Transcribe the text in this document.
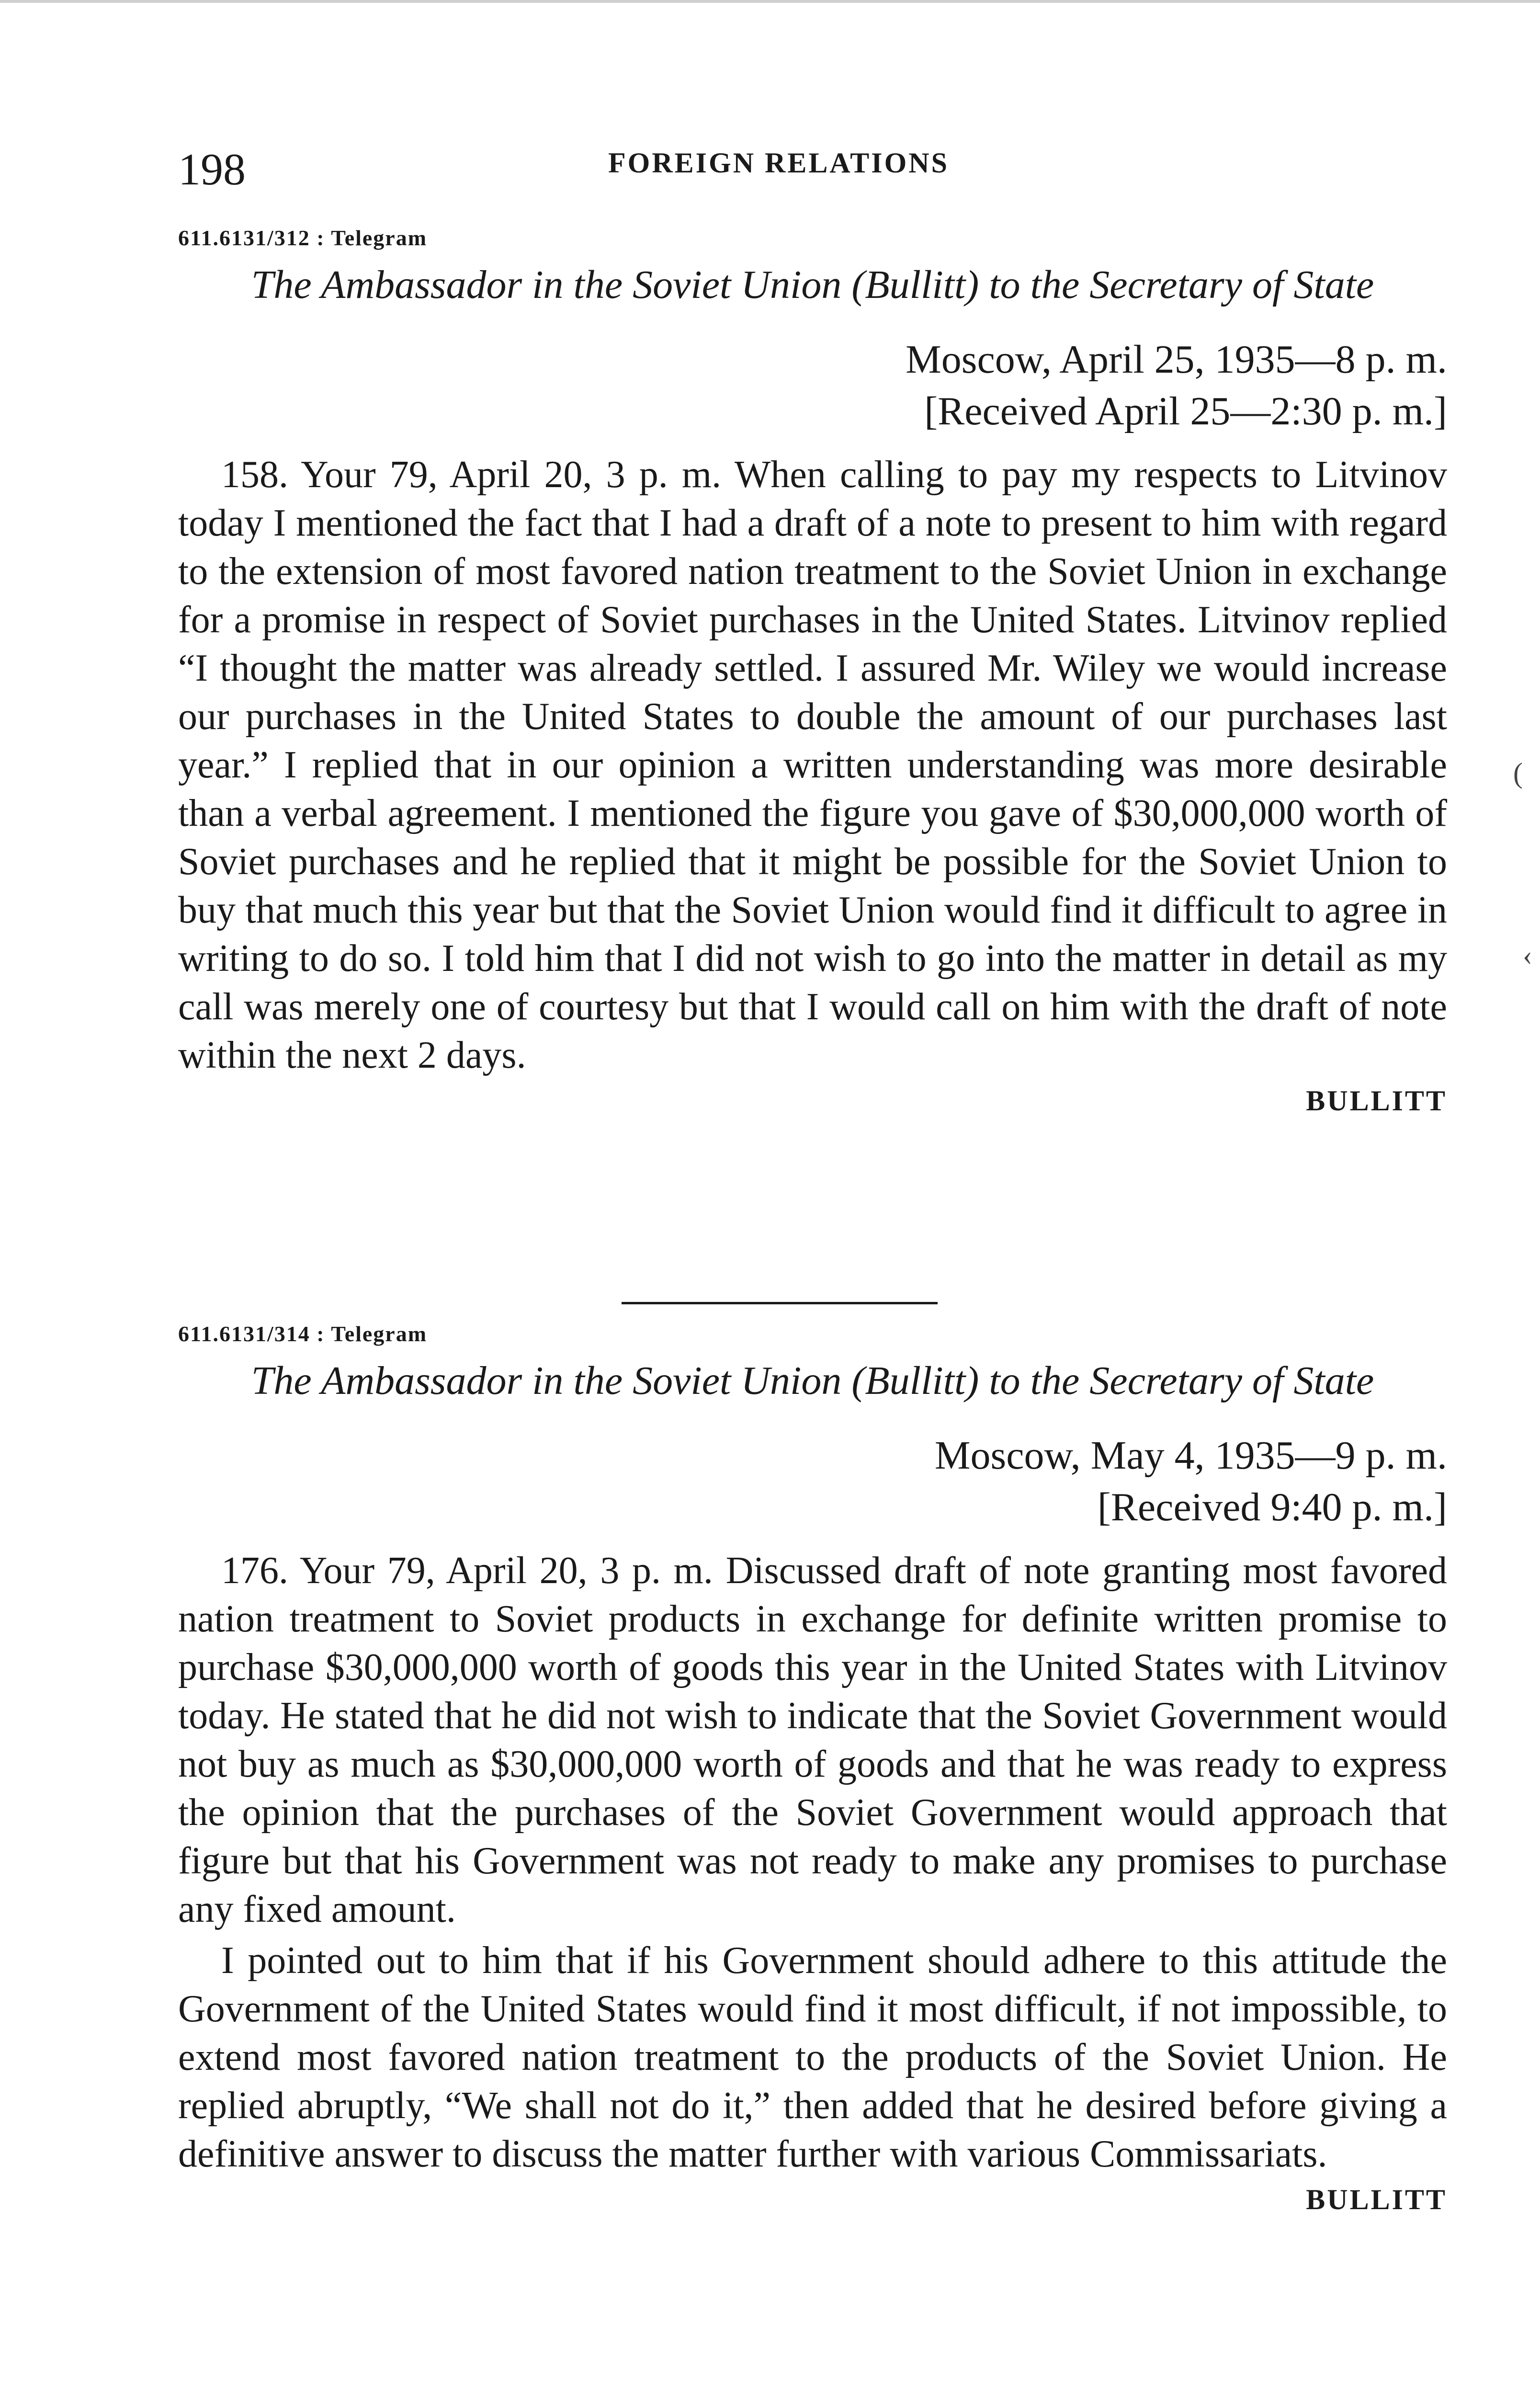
198	FOREIGN RELATIONS
611.6131/312 : Telegram
The Ambassador in the Soviet Union (Bullitt) to the Secretary of State
Moscow, April 25, 1935—8 p. m.
[Received April 25—2:30 p. m.]

158. Your 79, April 20, 3 p. m. When calling to pay my respects to Litvinov today I mentioned the fact that I had a draft of a note to present to him with regard to the extension of most favored nation treatment to the Soviet Union in exchange for a promise in respect of Soviet purchases in the United States. Litvinov replied “I thought the matter was already settled. I assured Mr. Wiley we would increase our purchases in the United States to double the amount of our purchases last year.” I replied that in our opinion a written understanding was more desirable than a verbal agreement. I mentioned the figure you gave of $30,000,000 worth of Soviet purchases and he replied that it might be possible for the Soviet Union to buy that much this year but that the Soviet Union would find it difficult to agree in writing to do so. I told him that I did not wish to go into the matter in detail as my call was merely one of courtesy but that I would call on him with the draft of note within the next 2 days.

BULLITT
611.6131/314 : Telegram
The Ambassador in the Soviet Union (Bullitt) to the Secretary of State
Moscow, May 4, 1935—9 p. m.
[Received 9:40 p. m.]

176. Your 79, April 20, 3 p. m. Discussed draft of note granting most favored nation treatment to Soviet products in exchange for definite written promise to purchase $30,000,000 worth of goods this year in the United States with Litvinov today. He stated that he did not wish to indicate that the Soviet Government would not buy as much as $30,000,000 worth of goods and that he was ready to express the opinion that the purchases of the Soviet Government would approach that figure but that his Government was not ready to make any promises to purchase any fixed amount.

I pointed out to him that if his Government should adhere to this attitude the Government of the United States would find it most difficult, if not impossible, to extend most favored nation treatment to the products of the Soviet Union. He replied abruptly, “We shall not do it,” then added that he desired before giving a definitive answer to discuss the matter further with various Commissariats.

BULLITT
(
‹
